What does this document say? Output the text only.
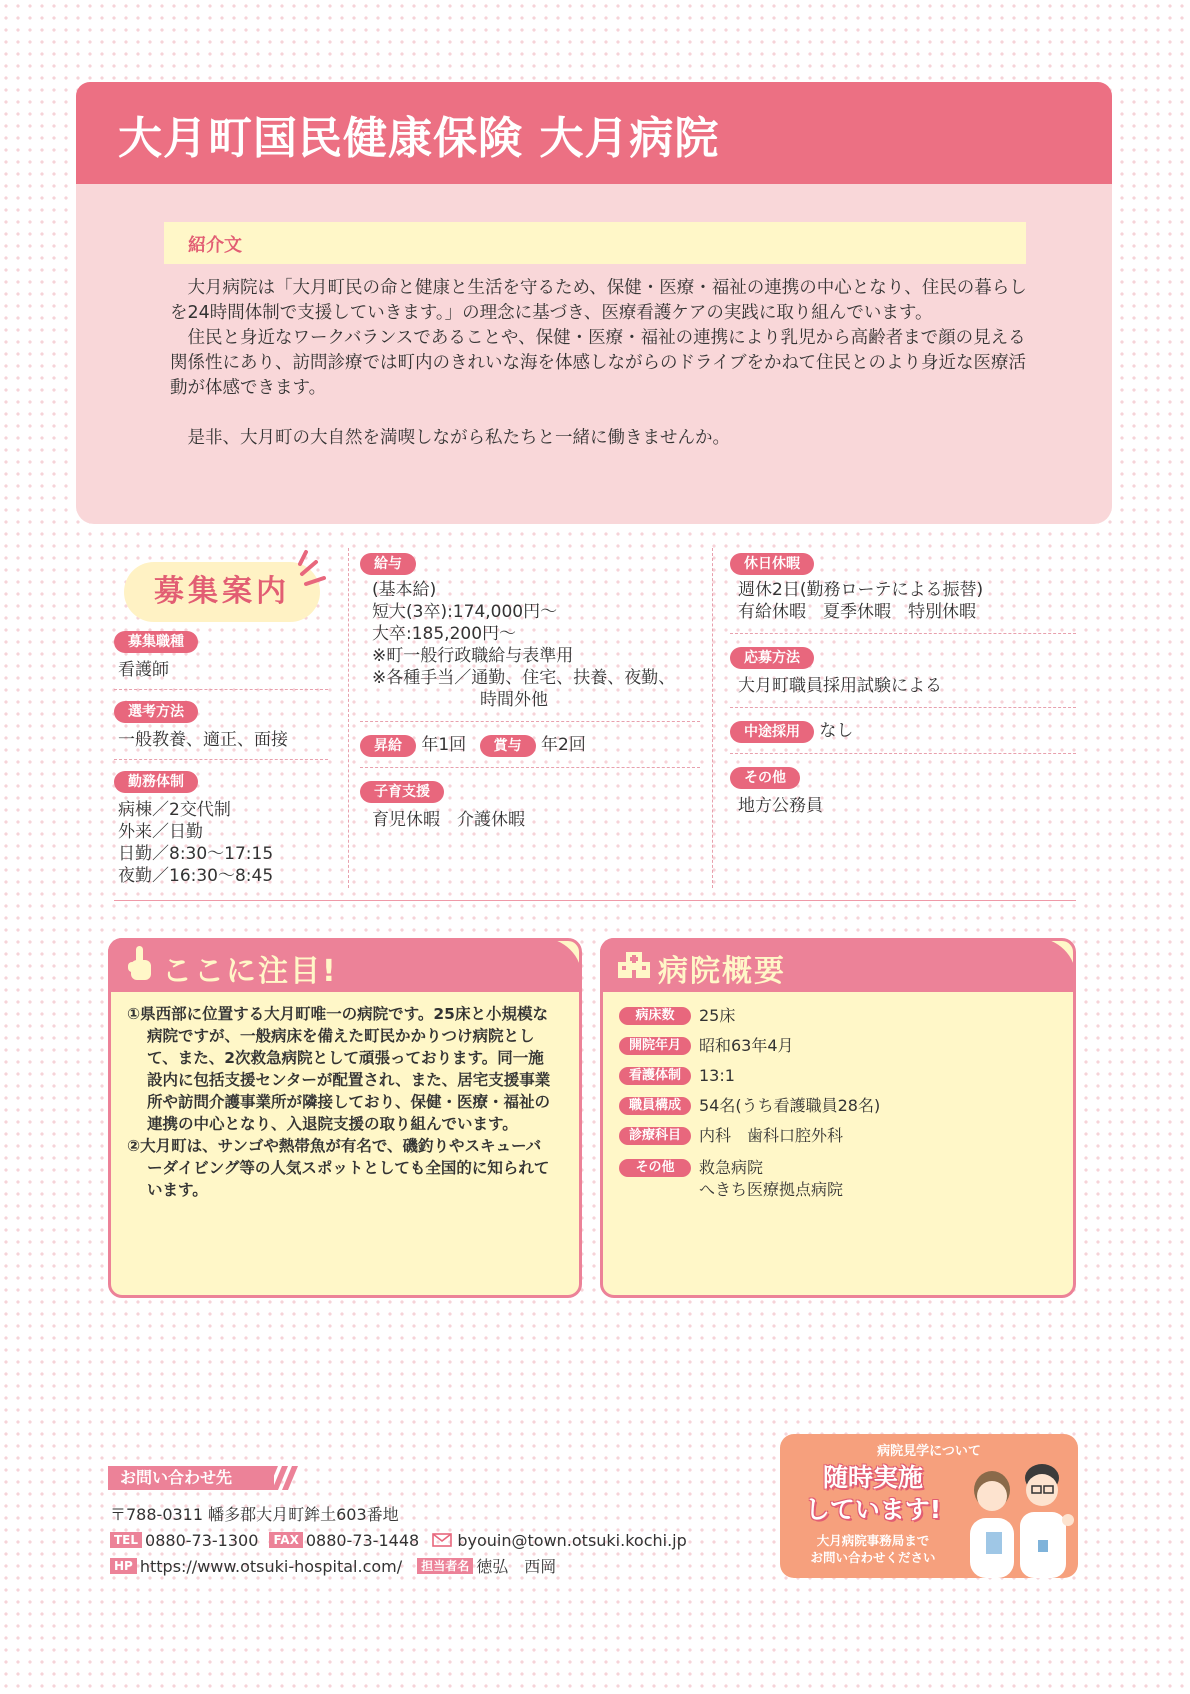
大月町国民健康保険 大月病院
紹介文

大月病院は「大月町民の命と健康と生活を守るため、保健・医療・福祉の連携の中心となり、住民の暮らしを24時間体制で支援していきます。」の理念に基づき、医療看護ケアの実践に取り組んでいます。

住民と身近なワークバランスであることや、保健・医療・福祉の連携により乳児から高齢者まで顔の見える関係性にあり、訪問診療では町内のきれいな海を体感しながらのドライブをかねて住民とのより身近な医療活動が体感できます。

是非、大月町の大自然を満喫しながら私たちと一緒に働きませんか。

募集案内
募集職種
看護師
選考方法
一般教養、適正、面接
勤務体制
病棟／2交代制
外来／日勤
日勤／8:30〜17:15
夜勤／16:30〜8:45
給与
(基本給)
短大(3卒):174,000円〜
大卒:185,200円〜
※町一般行政職給与表準用
※各種手当／通勤、住宅、扶養、夜勤、
時間外他
昇給 年1回 賞与 年2回
子育支援
育児休暇　介護休暇
休日休暇
週休2日(勤務ローテによる振替)
有給休暇　夏季休暇　特別休暇
応募方法
大月町職員採用試験による
中途採用 なし
その他
地方公務員
ここに注目!
①県西部に位置する大月町唯一の病院です。25床と小規模な病院ですが、一般病床を備えた町民かかりつけ病院として、また、2次救急病院として頑張っております。同一施設内に包括支援センターが配置され、また、居宅支援事業所や訪問介護事業所が隣接しており、保健・医療・福祉の連携の中心となり、入退院支援の取り組んでいます。
②大月町は、サンゴや熱帯魚が有名で、磯釣りやスキューバーダイビング等の人気スポットとしても全国的に知られています。
病院概要
病床数 25床
開院年月 昭和63年4月
看護体制 13:1
職員構成 54名(うち看護職員28名)
診療科目 内科　歯科口腔外科
その他 救急病院
へきち医療拠点病院
お問い合わせ先
〒788-0311 幡多郡大月町鉾土603番地
TEL 0880-73-1300 FAX 0880-73-1448 byouin@town.otsuki.kochi.jp
HP https://www.otsuki-hospital.com/ 担当者名 徳弘　西岡
病院見学について
随時実施
しています!
大月病院事務局まで
お問い合わせください
